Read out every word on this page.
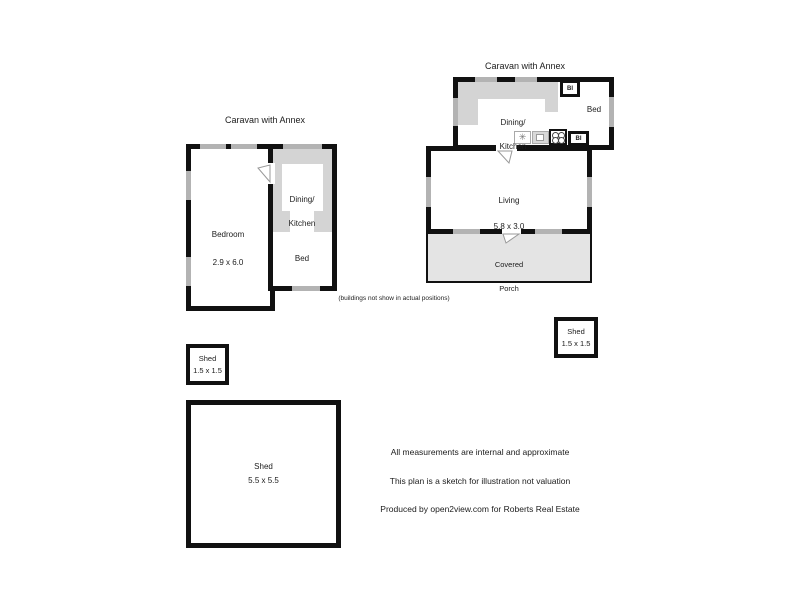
Caravan with Annex

Bedroom

2.9 x 6.0

Dining/

Kitchen

Bed

Caravan with Annex

BI
BI
✳

Dining/

Kitchen

Bed

Living

5.8 x 3.0

Covered

Porch

(buildings not show in actual positions)
Shed
1.5 x 1.5
Shed
1.5 x 1.5
Shed
5.5 x 5.5

All measurements are internal and approximate

This plan is a sketch for illustration not valuation

Produced by open2view.com for Roberts Real Estate
